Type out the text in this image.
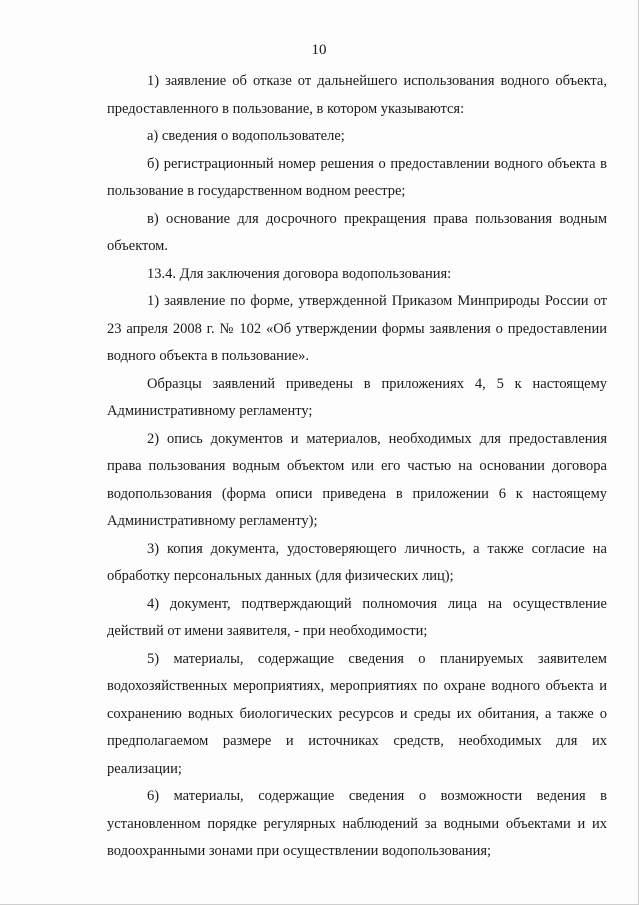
10

1) заявление об отказе от дальнейшего использования водного объекта, предоставленного в пользование, в котором указываются:

а) сведения о водопользователе;

б) регистрационный номер решения о предоставлении водного объекта в пользование в государственном водном реестре;

в) основание для досрочного прекращения права пользования водным объектом.

13.4. Для заключения договора водопользования:

1) заявление по форме, утвержденной Приказом Минприроды России от 23 апреля 2008 г. № 102 «Об утверждении формы заявления о предоставлении водного объекта в пользование».

Образцы заявлений приведены в приложениях 4, 5 к настоящему Административному регламенту;

2) опись документов и материалов, необходимых для предоставления права пользования водным объектом или его частью на основании договора водопользования (форма описи приведена в приложении 6 к настоящему Административному регламенту);

3) копия документа, удостоверяющего личность, а также согласие на обработку персональных данных (для физических лиц);

4) документ, подтверждающий полномочия лица на осуществление действий от имени заявителя, - при необходимости;

5) материалы, содержащие сведения о планируемых заявителем водохозяйственных мероприятиях, мероприятиях по охране водного объекта и сохранению водных биологических ресурсов и среды их обитания, а также о предполагаемом размере и источниках средств, необходимых для их реализации;

6) материалы, содержащие сведения о возможности ведения в установленном порядке регулярных наблюдений за водными объектами и их водоохранными зонами при осуществлении водопользования;
